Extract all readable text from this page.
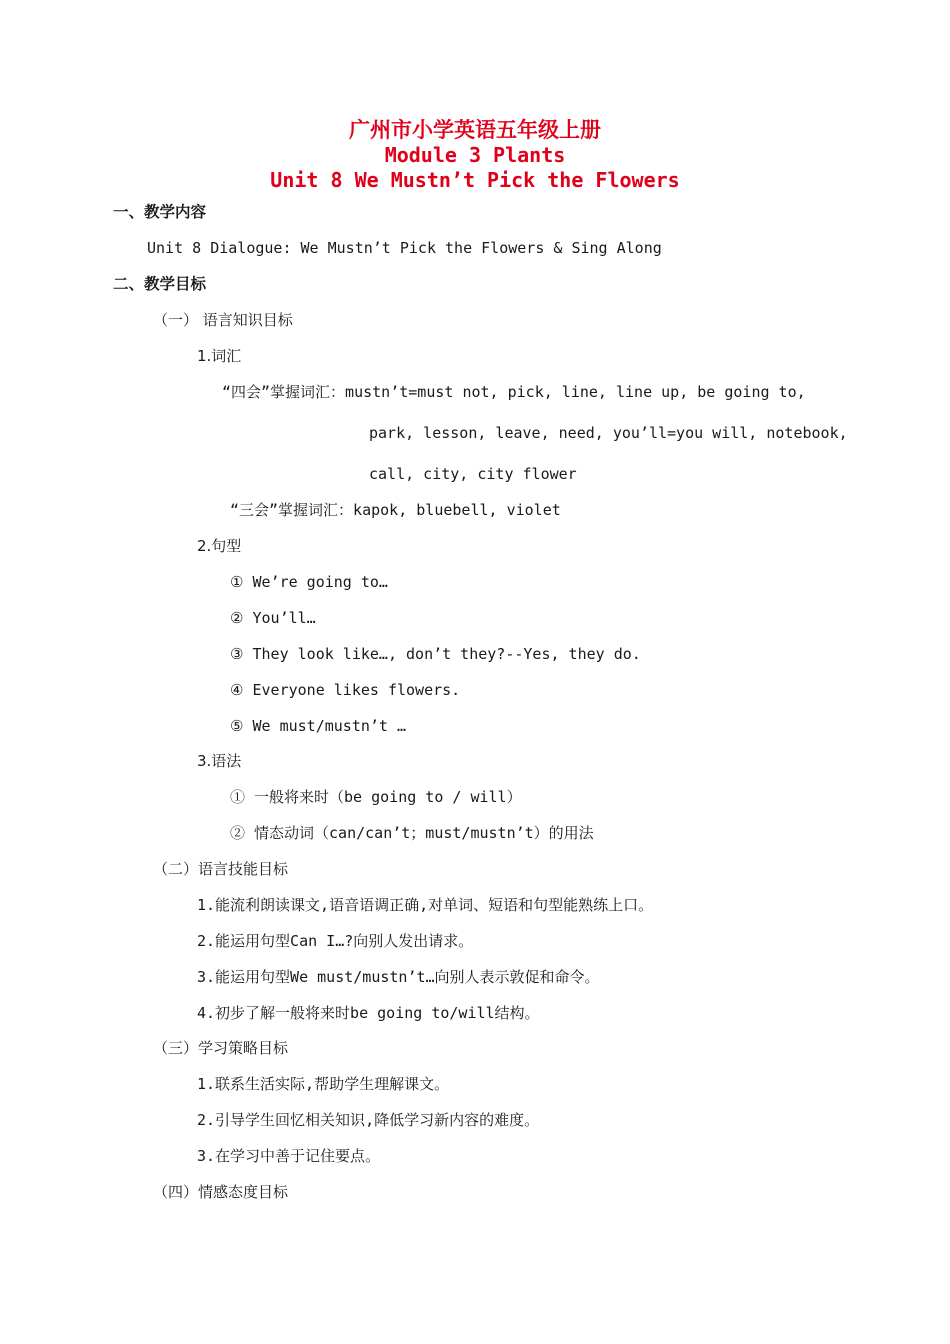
广州市小学英语五年级上册
Module 3 Plants
Unit 8 We Mustn’t Pick the Flowers
一、教学内容
Unit 8 Dialogue: We Mustn’t Pick the Flowers & Sing Along
二、教学目标
（一） 语言知识目标
1.词汇
“四会”掌握词汇：mustn’t=must not, pick, line, line up, be going to,
park, lesson, leave, need, you’ll=you will, notebook,
call, city, city flower
“三会”掌握词汇：kapok, bluebell, violet
2.句型
① We’re going to…
② You’ll…
③ They look like…, don’t they?--Yes, they do.
④ Everyone likes flowers.
⑤ We must/mustn’t …
3.语法
① 一般将来时（be going to / will）
② 情态动词（can/can’t；must/mustn’t）的用法
（二）语言技能目标
1.能流利朗读课文,语音语调正确,对单词、短语和句型能熟练上口。
2.能运用句型Can I…?向别人发出请求。
3.能运用句型We must/mustn’t…向别人表示敦促和命令。
4.初步了解一般将来时be going to/will结构。
（三）学习策略目标
1.联系生活实际,帮助学生理解课文。
2.引导学生回忆相关知识,降低学习新内容的难度。
3.在学习中善于记住要点。
（四）情感态度目标
